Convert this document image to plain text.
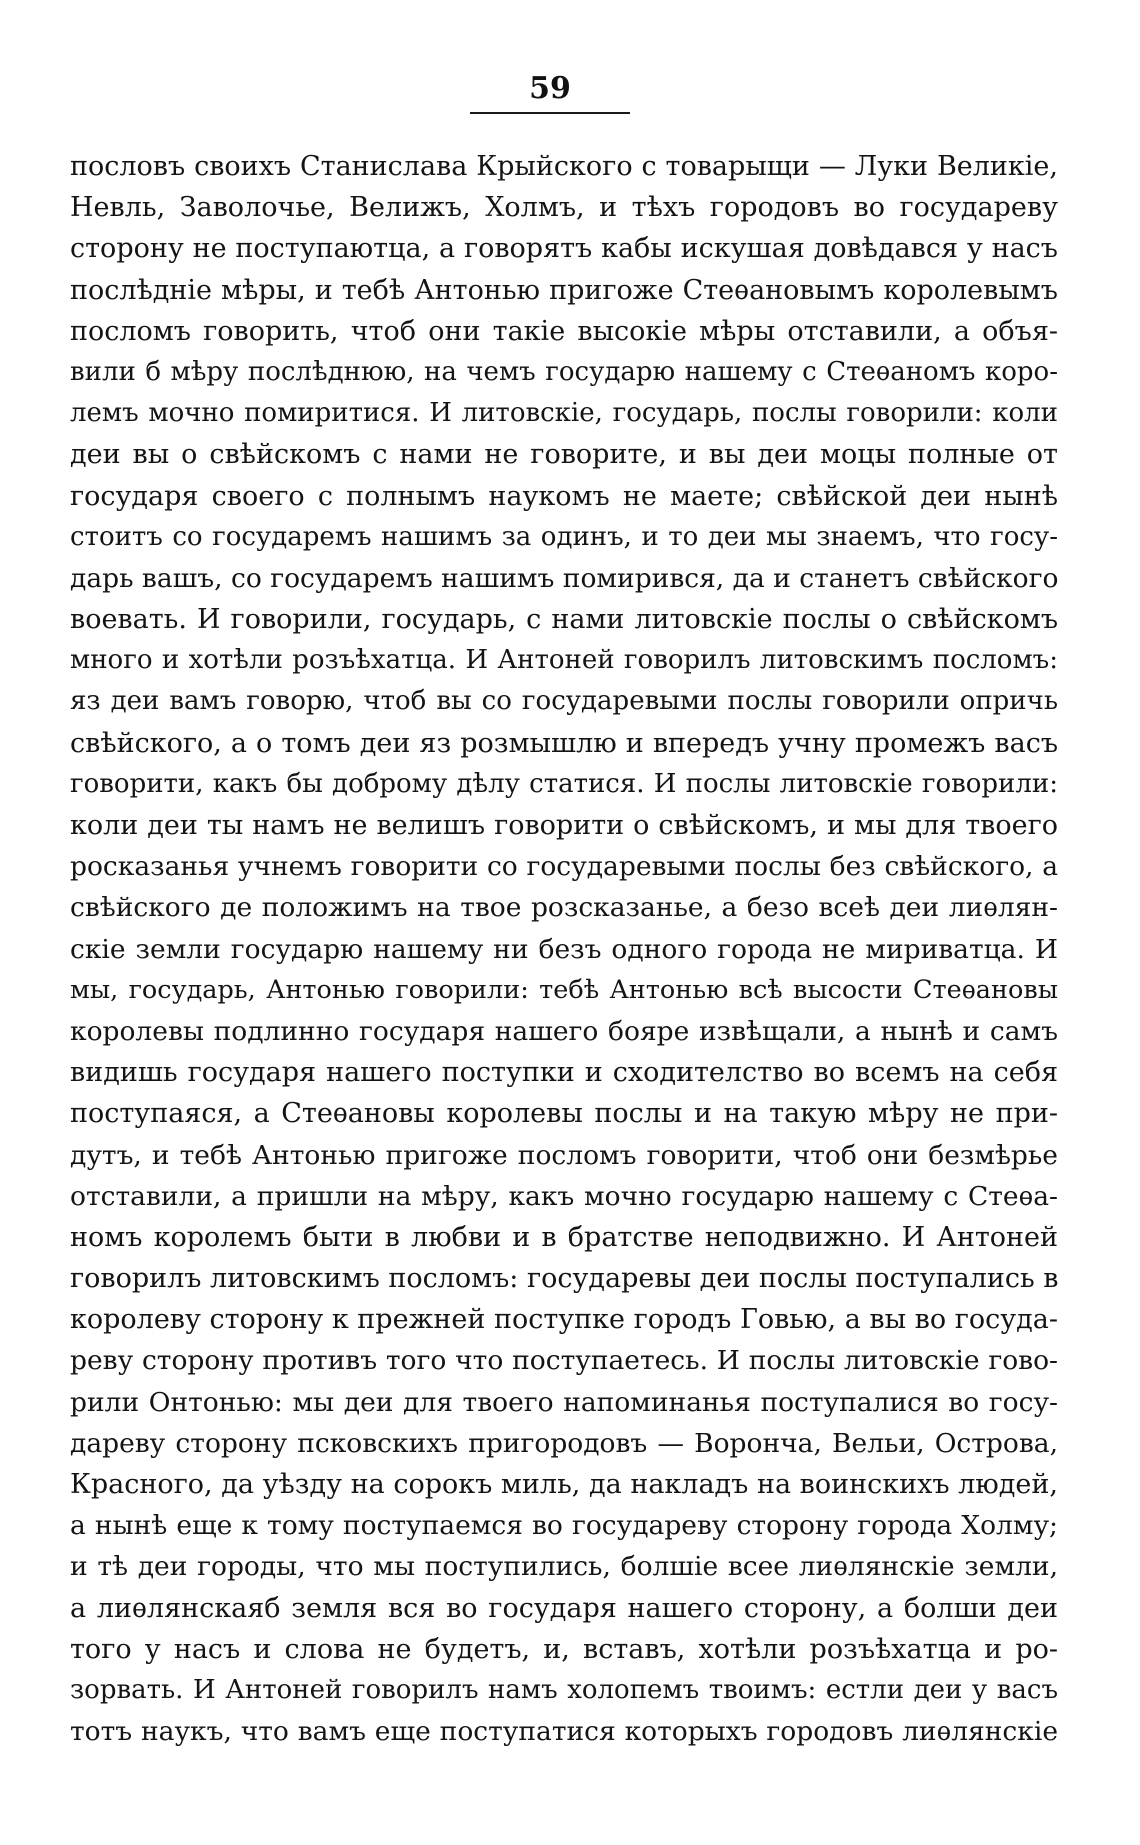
59
пословъ своихъ Станислава Крыйского с товарыщи — Луки Великіе,
Невль, Заволочье, Велижъ, Холмъ, и тѣхъ городовъ во государеву
сторону не поступаютца, а говорятъ кабы искушая довѣдався у насъ
послѣдніе мѣры, и тебѣ Антонью пригоже Стеѳановымъ королевымъ
посломъ говорить, чтоб они такіе высокіе мѣры отставили, а объя-
вили б мѣру послѣднюю, на чемъ государю нашему с Стеѳаномъ коро-
лемъ мочно помиритися. И литовскіе, государь, послы говорили: коли
деи вы о свѣйскомъ с нами не говорите, и вы деи моцы полные от
государя своего с полнымъ наукомъ не маете; свѣйской деи нынѣ
стоитъ со государемъ нашимъ за одинъ, и то деи мы знаемъ, что госу-
дарь вашъ, со государемъ нашимъ помирився, да и станетъ свѣйского
воевать. И говорили, государь, с нами литовскіе послы о свѣйскомъ
много и хотѣли розъѣхатца. И Антоней говорилъ литовскимъ посломъ:
яз деи вамъ говорю, чтоб вы со государевыми послы говорили опричь
свѣйского, а о томъ деи яз розмышлю и впередъ учну промежъ васъ
говорити, какъ бы доброму дѣлу статися. И послы литовскіе говорили:
коли деи ты намъ не велишъ говорити о свѣйскомъ, и мы для твоего
росказанья учнемъ говорити со государевыми послы без свѣйского, а
свѣйского де положимъ на твое розсказанье, а безо всеѣ деи лиѳлян-
скіе земли государю нашему ни безъ одного города не мириватца. И
мы, государь, Антонью говорили: тебѣ Антонью всѣ высости Стеѳановы
королевы подлинно государя нашего бояре извѣщали, а нынѣ и самъ
видишь государя нашего поступки и сходителство во всемъ на себя
поступаяся, а Стеѳановы королевы послы и на такую мѣру не при-
дутъ, и тебѣ Антонью пригоже посломъ говорити, чтоб они безмѣрье
отставили, а пришли на мѣру, какъ мочно государю нашему с Стеѳа-
номъ королемъ быти в любви и в братстве неподвижно. И Антоней
говорилъ литовскимъ посломъ: государевы деи послы поступались в
королеву сторону к прежней поступке городъ Говью, а вы во госуда-
реву сторону противъ того что поступаетесь. И послы литовскіе гово-
рили Онтонью: мы деи для твоего напоминанья поступалися во госу-
дареву сторону псковскихъ пригородовъ — Ворончa, Вельи, Острова,
Красного, да уѣзду на сорокъ миль, да накладъ на воинскихъ людей,
а нынѣ еще к тому поступаемся во государеву сторону города Холму;
и тѣ деи городы, что мы поступились, болшіе всее лиѳлянскіе земли,
а лиѳлянскаяб земля вся во государя нашего сторону, а болши деи
того у насъ и слова не будетъ, и, вставъ, хотѣли розъѣхатца и ро-
зорвать. И Антоней говорилъ намъ холопемъ твоимъ: естли деи у васъ
тотъ наукъ, что вамъ еще поступатися которыхъ городовъ лиѳлянскіе
